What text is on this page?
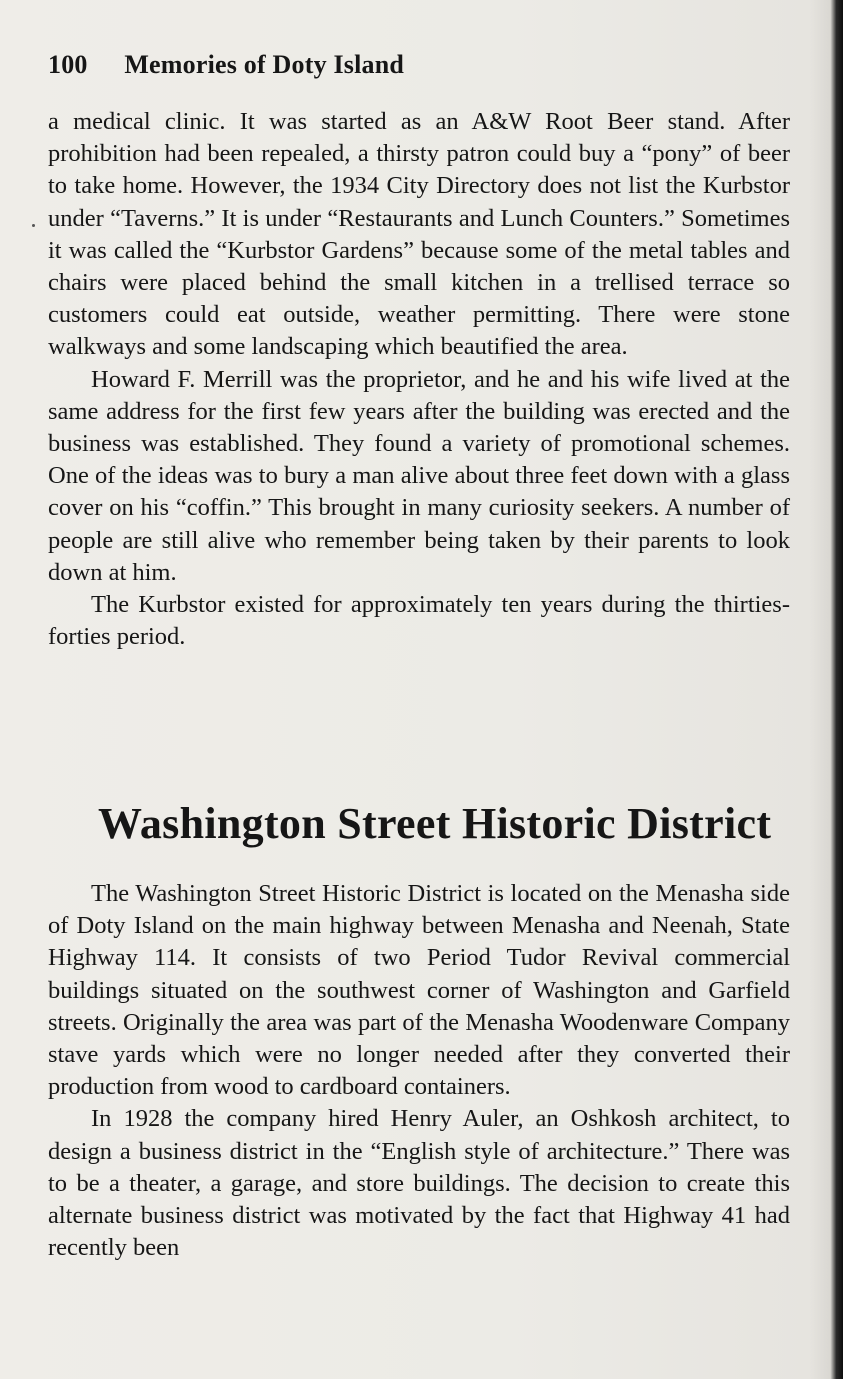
100 Memories of Doty Island

a medical clinic. It was started as an A&W Root Beer stand. After prohibition had been repealed, a thirsty patron could buy a “pony” of beer to take home. However, the 1934 City Directory does not list the Kurbstor under “Taverns.” It is under “Restaurants and Lunch Counters.” Sometimes it was called the “Kurbstor Gardens” because some of the metal tables and chairs were placed behind the small kitchen in a trellised terrace so customers could eat outside, weather permitting. There were stone walkways and some landscaping which beautified the area.

Howard F. Merrill was the proprietor, and he and his wife lived at the same address for the first few years after the building was erected and the business was established. They found a variety of promotional schemes. One of the ideas was to bury a man alive about three feet down with a glass cover on his “coffin.” This brought in many curiosity seekers. A number of people are still alive who remember being taken by their parents to look down at him.

The Kurbstor existed for approximately ten years during the thirties-forties period.

Washington Street Historic District

The Washington Street Historic District is located on the Menasha side of Doty Island on the main highway between Menasha and Neenah, State Highway 114. It consists of two Period Tudor Revival commercial buildings situated on the southwest corner of Washington and Garfield streets. Originally the area was part of the Menasha Woodenware Company stave yards which were no longer needed after they converted their production from wood to cardboard containers.

In 1928 the company hired Henry Auler, an Oshkosh architect, to design a business district in the “English style of architecture.” There was to be a theater, a garage, and store buildings. The decision to create this alternate business district was motivated by the fact that Highway 41 had recently been
